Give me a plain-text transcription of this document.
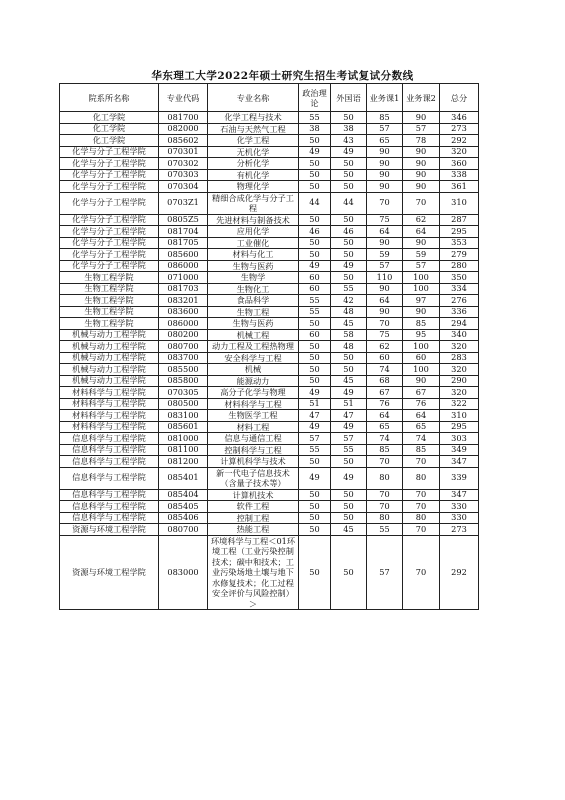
华东理工大学2022年硕士研究生招生考试复试分数线
院系所名称	专业代码	专业名称	政治理论	外国语	业务课1	业务课2	总分
化工学院	081700	化学工程与技术	55	50	85	90	346
化工学院	082000	石油与天然气工程	38	38	57	57	273
化工学院	085602	化学工程	50	43	65	78	292
化学与分子工程学院	070301	无机化学	49	49	90	90	320
化学与分子工程学院	070302	分析化学	50	50	90	90	360
化学与分子工程学院	070303	有机化学	50	50	90	90	338
化学与分子工程学院	070304	物理化学	50	50	90	90	361
化学与分子工程学院	0703Z1	精细合成化学与分子工程	44	44	70	70	310
化学与分子工程学院	0805Z5	先进材料与制备技术	50	50	75	62	287
化学与分子工程学院	081704	应用化学	46	46	64	64	295
化学与分子工程学院	081705	工业催化	50	50	90	90	353
化学与分子工程学院	085600	材料与化工	50	50	59	59	279
化学与分子工程学院	086000	生物与医药	49	49	57	57	280
生物工程学院	071000	生物学	60	50	110	100	350
生物工程学院	081703	生物化工	60	55	90	100	334
生物工程学院	083201	食品科学	55	42	64	97	276
生物工程学院	083600	生物工程	55	48	90	90	336
生物工程学院	086000	生物与医药	50	45	70	85	294
机械与动力工程学院	080200	机械工程	60	58	75	95	340
机械与动力工程学院	080700	动力工程及工程热物理	50	48	62	100	320
机械与动力工程学院	083700	安全科学与工程	50	50	60	60	283
机械与动力工程学院	085500	机械	50	50	74	100	320
机械与动力工程学院	085800	能源动力	50	45	68	90	290
材料科学与工程学院	070305	高分子化学与物理	49	49	67	67	320
材料科学与工程学院	080500	材料科学与工程	51	51	76	76	322
材料科学与工程学院	083100	生物医学工程	47	47	64	64	310
材料科学与工程学院	085601	材料工程	49	49	65	65	295
信息科学与工程学院	081000	信息与通信工程	57	57	74	74	303
信息科学与工程学院	081100	控制科学与工程	55	55	85	85	349
信息科学与工程学院	081200	计算机科学与技术	50	50	70	70	347
信息科学与工程学院	085401	新一代电子信息技术（含量子技术等）	49	49	80	80	339
信息科学与工程学院	085404	计算机技术	50	50	70	70	347
信息科学与工程学院	085405	软件工程	50	50	70	70	330
信息科学与工程学院	085406	控制工程	50	50	80	80	330
资源与环境工程学院	080700	热能工程	50	45	55	70	273
资源与环境工程学院	083000	环境科学与工程＜01环境工程（工业污染控制技术；碳中和技术；工业污染场地土壤与地下水修复技术；化工过程安全评价与风险控制）＞	50	50	57	70	292
